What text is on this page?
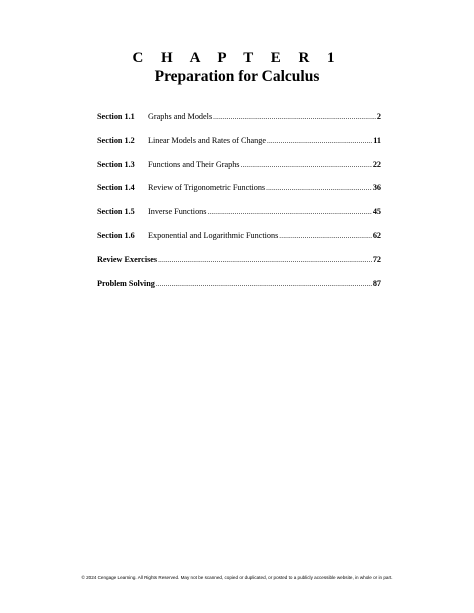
C H A P T E R 1
Preparation for Calculus
Section 1.1	Graphs and Models .....	2
Section 1.2	Linear Models and Rates of Change .....	11
Section 1.3	Functions and Their Graphs .....	22
Section 1.4	Review of Trigonometric Functions .....	36
Section 1.5	Inverse Functions .....	45
Section 1.6	Exponential and Logarithmic Functions .....	62
Review Exercises .....	72
Problem Solving .....	87
© 2024 Cengage Learning. All Rights Reserved. May not be scanned, copied or duplicated, or posted to a publicly accessible website, in whole or in part.
